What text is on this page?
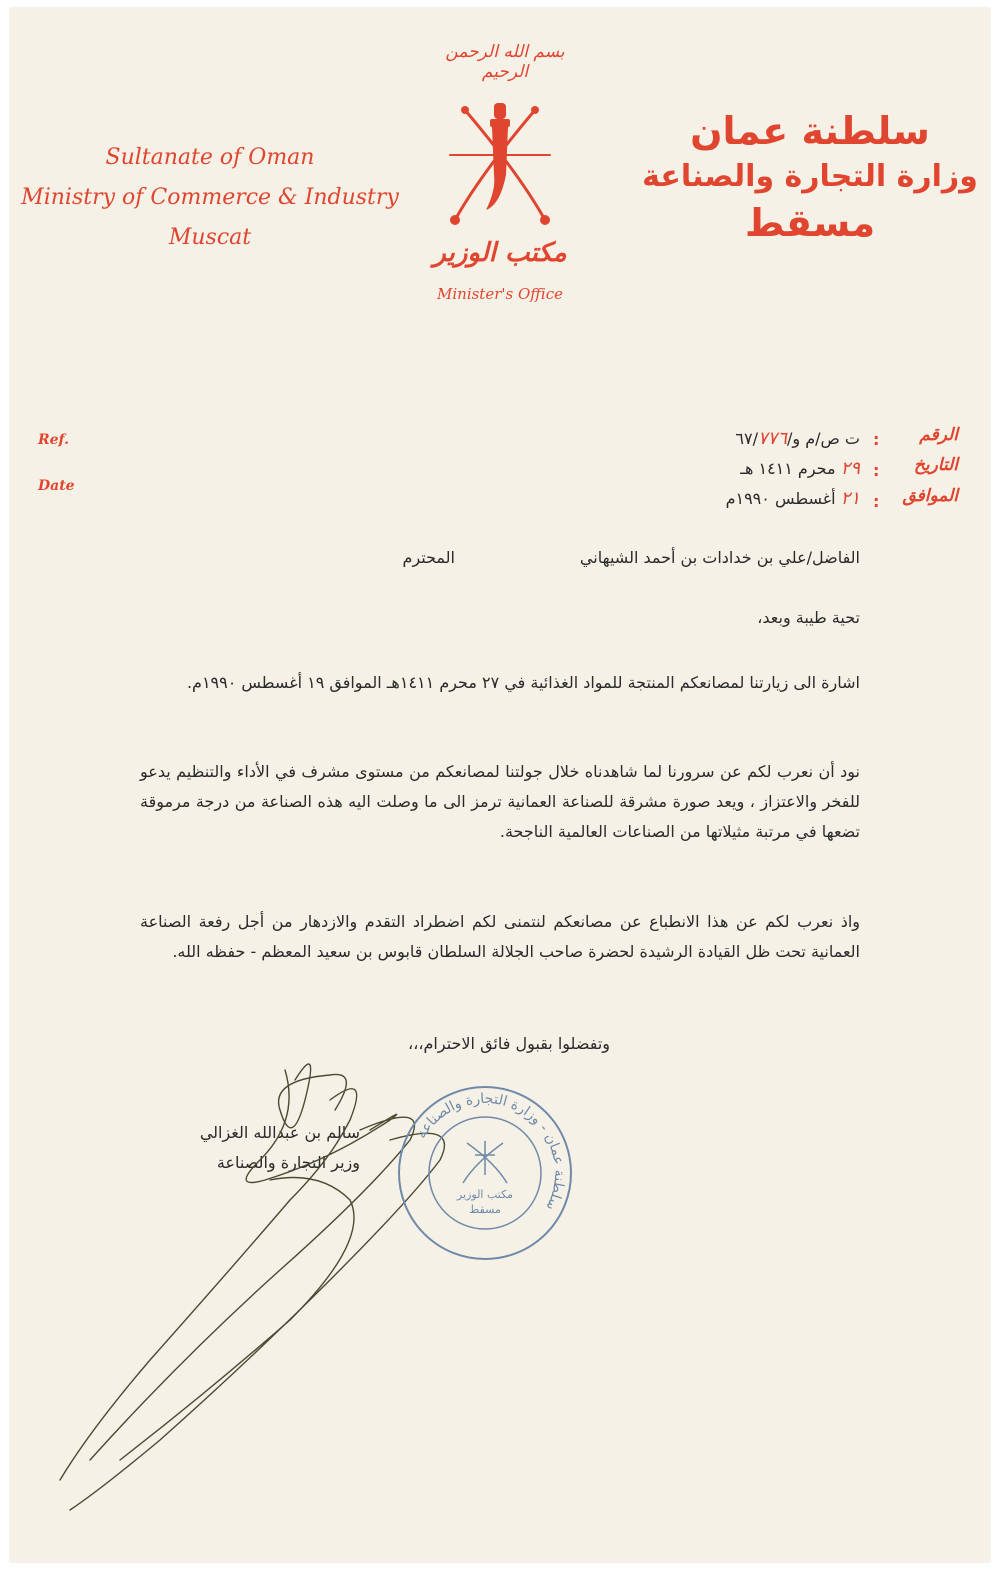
بسم الله الرحمن الرحيم
مكتب الوزير
Minister's Office
Sultanate of Oman
Ministry of Commerce & Industry
Muscat
سلطنة عمان
وزارة التجارة والصناعة
مسقط
Ref.
Date
الرقم
التاريخ
الموافق
:
:
:
ت ص/م و/٦٧/٧٧٦
٢٩ محرم ١٤١١ هـ
٢١ أغسطس ١٩٩٠م
الفاضل/علي بن خدادات بن أحمد الشيهاني
المحترم
تحية طيبة وبعد،
اشارة الى زيارتنا لمصانعكم المنتجة للمواد الغذائية في ٢٧ محرم ١٤١١هـ الموافق ١٩ أغسطس ١٩٩٠م.
نود أن نعرب لكم عن سرورنا لما شاهدناه خلال جولتنا لمصانعكم من مستوى مشرف في الأداء والتنظيم يدعو للفخر والاعتزاز ، ويعد صورة مشرقة للصناعة العمانية ترمز الى ما وصلت اليه هذه الصناعة من درجة مرموقة تضعها في مرتبة مثيلاتها من الصناعات العالمية الناجحة.
واذ نعرب لكم عن هذا الانطباع عن مصانعكم لنتمنى لكم اضطراد التقدم والازدهار من أجل رفعة الصناعة العمانية تحت ظل القيادة الرشيدة لحضرة صاحب الجلالة السلطان قابوس بن سعيد المعظم - حفظه الله.
وتفضلوا بقبول فائق الاحترام،،،
سالم بن عبدالله الغزالي
وزير التجارة والصناعة
سلطنة عمان - وزارة التجارة والصناعة
مكتب الوزير
مسقط
